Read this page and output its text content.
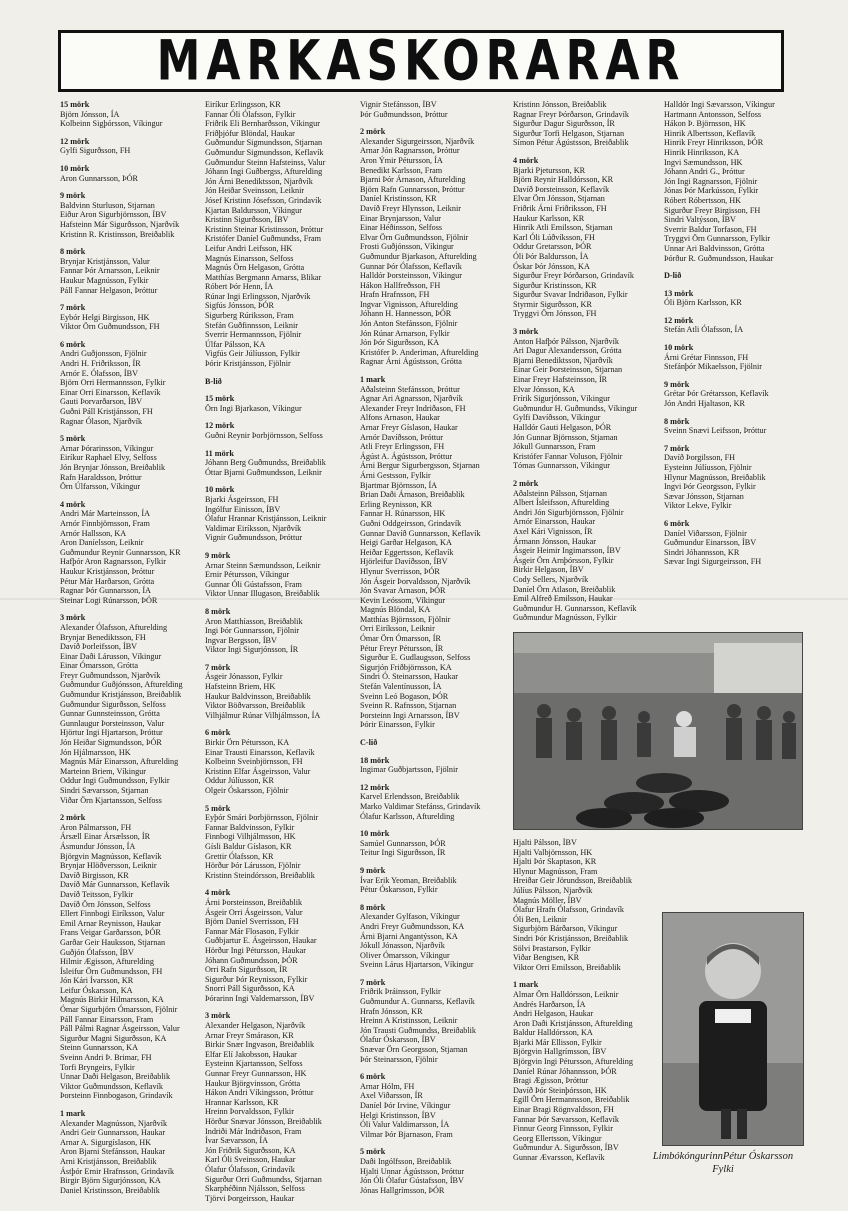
MARKASKORARAR
15 mörk
Björn Jónsson, ÍA
Kolbeinn Sigþórsson, Víkingur
12 mörk
Gylfi Sigurðsson, FH
10 mörk
Aron Gunnarsson, ÞÓR
9 mörk
Baldvinn Sturluson, Stjarnan
Eiður Aron Sigurbjörnsson, ÍBV
Hafsteinn Már Sigurðsson, Njarðvík
Kristinn R. Kristinsson, Breiðablik
8 mörk
Brynjar Kristjánsson, Valur
Fannar Þór Arnarsson, Leiknir
Haukur Magnússon, Fylkir
Páll Fannar Helgason, Þróttur
7 mörk
Eybór Helgi Birgisson, HK
Viktor Örn Guðmundsson, FH
6 mörk
Andri Guðjonsson, Fjölnir
Andri H. Friðriksson, ÍR
Arnór E. Ólafsson, ÍBV
Björn Orri Hermannsson, Fylkir
Einar Orri Einarsson, Keflavík
Gauti Þorvarðarson, ÍBV
Guðni Páll Kristjánsson, FH
Ragnar Ólason, Njarðvík
5 mörk
Arnar Þórarinsson, Víkingur
Eiríkur Raphael Elvy, Selfoss
Jón Brynjar Jónsson, Breiðablik
Rafn Haraldsson, Þróttur
Örn Úlfarsson, Víkingur
4 mörk
Andri Már Marteinsson, ÍA
Arnór Finnbjörnsson, Fram
Arnór Hallsson, KA
Aron Daníelsson, Leiknir
Guðmundur Reynir Gunnarsson, KR
Hafþór Aron Ragnarsson, Fylkir
Haukur Kristjánsson, Þróttur
Pétur Már Harðarson, Grótta
Ragnar Þór Gunnarsson, ÍA
Steinar Logi Rúnarsson, ÞÓR
3 mörk
Alexander Ólafsson, Afturelding
Brynjar Benediktsson, FH
Davíð Þorleifsson, ÍBV
Einar Daði Lárusson, Víkingur
Einar Ómarsson, Grótta
Freyr Guðmundsson, Njarðvík
Guðmundur Guðjónsson, Afturelding
Guðmundur Kristjánsson, Breiðablik
Guðmundur Sigurðsson, Selfoss
Gunnar Gunnsteinsson, Grótta
Gunnlaugur Þorsteinsson, Valur
Hjörtur Ingi Hjartarson, Þróttur
Jón Heiðar Sigmundsson, ÞÓR
Jón Hjálmarsson, HK
Magnús Már Einarsson, Afturelding
Marteinn Briem, Víkingur
Oddur Ingi Guðmundsson, Fylkir
Sindri Sævarsson, Stjarnan
Viðar Örn Kjartansson, Selfoss
2 mörk
Aron Pálmarsson, FH
Ársæll Einar Ársælsson, ÍR
Ásmundur Jónsson, ÍA
Björgvin Magnússon, Keflavík
Brynjar Hlöðversson, Leiknir
Davíð Birgisson, KR
Davíð Már Gunnarsson, Keflavík
Davíð Teitsson, Fylkir
Davíð Örn Jónsson, Selfoss
Ellert Finnbogi Eiríksson, Valur
Emil Arnar Reynisson, Haukar
Frans Veigar Garðarsson, ÞÓR
Garðar Geir Hauksson, Stjarnan
Guðjón Ólafsson, ÍBV
Hilmir Ægisson, Afturelding
Ísleifur Örn Guðmundsson, FH
Jón Kári Ívarsson, KR
Leifur Óskarsson, KA
Magnús Birkir Hilmarsson, KA
Ómar Sigurbjörn Ómarsson, Fjölnir
Páll Fannar Einarsson, Fram
Páll Pálmi Ragnar Ásgeirsson, Valur
Sigurður Magni Sigurðsson, KA
Steinn Gunnarsson, KA
Sveinn Andri Þ. Brimar, FH
Torfi Bryngeirs, Fylkir
Unnar Daði Helgason, Breiðablik
Viktor Guðmundsson, Keflavík
Þorsteinn Finnbogason, Grindavík
1 mark
Alexander Magnússon, Njarðvík
Andri Geir Gunnarsson, Haukar
Arnar A. Sigurgíslason, HK
Aron Bjarni Stefánsson, Haukar
Arni Kristjánsson, Breiðablik
Ástþór Ernir Hrafnsson, Grindavík
Birgir Björn Sigurjónsson, KA
Daniel Kristinsson, Breiðablik
Eiríkur Erlingsson, KR
Fannar Óli Ólafsson, Fylkir
Friðrik Eli Bernharðsson, Víkingur
Friðþjófur Blöndal, Haukar
Guðmundur Sigmundsson, Stjarnan
Guðmundur Sigmundsson, Keflavík
Guðmundur Steinn Hafsteinss, Valur
Jóhann Ingi Guðbergss, Afturelding
Jón Árni Benediktsson, Njarðvík
Jón Heiðar Sveinsson, Leiknir
Jósef Kristinn Jósefsson, Grindavík
Kjartan Baldursson, Víkingur
Kristinn Sigurðsson, ÍBV
Kristinn Steinar Kristinsson, Þróttur
Kristófer Daníel Guðmundss, Fram
Leifur Andri Leifsson, HK
Magnús Einarsson, Selfoss
Magnús Örn Helgason, Grótta
Matthías Bergmann Arnarss, Blikar
Róbert Þór Henn, ÍA
Rúnar Ingi Erlingsson, Njarðvík
Sigfús Jónsson, ÞÓR
Sigurberg Rúriksson, Fram
Stefán Guðfinnsson, Leiknir
Sverrir Hermannsson, Fjölnir
Úlfar Pálsson, KA
Vigfús Geir Júlíusson, Fylkir
Þórir Kristjánsson, Fjölnir
B-lið
15 mörk
Örn Ingi Bjarkason, Víkingur
12 mörk
Guðni Reynir Þorbjörnsson, Selfoss
11 mörk
Jóhann Berg Guðmundss, Breiðablik
Óttar Bjarni Guðmundsson, Leiknir
10 mörk
Bjarki Ásgeirsson, FH
Ingólfur Einisson, ÍBV
Ólafur Hrannar Kristjánsson, Leiknir
Valdimar Eiríksson, Njarðvík
Vignir Guðmundsson, Þróttur
9 mörk
Arnar Steinn Sæmundsson, Leiknir
Ernir Pétursson, Víkingur
Gunnar Óli Gústafsson, Fram
Viktor Unnar Illugason, Breiðablik
8 mörk
Aron Matthíasson, Breiðablik
Ingi Þór Gunnarsson, Fjölnir
Ingvar Bergsson, ÍBV
Viktor Ingi Sigurjónsson, ÍR
7 mörk
Ásgeir Jónasson, Fylkir
Hafsteinn Briem, HK
Haukur Baldvinsson, Breiðablik
Viktor Böðvarsson, Breiðablik
Vilhjálmur Rúnar Vilhjálmsson, ÍA
6 mörk
Birkir Örn Pétursson, KA
Einar Trausti Einarsson, Keflavík
Kolbeinn Sveinbjörnsson, FH
Kristinn Elfar Ásgeirsson, Valur
Oddur Júlíusson, KR
Olgeir Óskarsson, Fjölnir
5 mörk
Eyþór Smári Þorbjörnsson, Fjölnir
Fannar Baldvinsson, Fylkir
Finnbogi Vilhjálmsson, HK
Gísli Baldur Gíslason, KR
Grettir Ólafsson, KR
Hörður Þór Lárusson, Fjölnir
Kristinn Steindórsson, Breiðablik
4 mörk
Árni Þorsteinsson, Breiðablik
Ásgeir Orri Ásgeirsson, Valur
Björn Daníel Sverrisson, FH
Fannar Már Flosason, Fylkir
Guðbjartur E. Ásgeirsson, Haukar
Hörður Ingi Pétursson, Haukar
Jóhann Guðmundsson, ÞÓR
Orri Rafn Sigurðsson, ÍR
Sigurður Þór Reynisson, Fylkir
Snorri Páll Sigurðsson, KA
Þórarinn Ingi Valdemarsson, ÍBV
3 mörk
Alexander Helgason, Njarðvík
Arnar Freyr Smárason, KR
Birkir Snær Ingvason, Breiðablik
Elfar Elí Jakobsson, Haukar
Eysteinn Kjartansson, Selfoss
Gunnar Freyr Gunnarsson, HK
Haukur Björgvinsson, Grótta
Hákon Andri Víkingsson, Þróttur
Hrannar Karlsson, KR
Hreinn Þorvaldsson, Fylkir
Hörður Snævar Jónsson, Breiðablik
Indriði Már Indriðason, Fram
Ívar Sævarsson, ÍA
Jón Friðrik Sigurðsson, KA
Karl Óli Sveinsson, Haukar
Ólafur Ólafsson, Grindavík
Sigurður Orri Guðmundss, Stjarnan
Skarphéðinn Njálsson, Selfoss
Tjörvi Þorgeirsson, Haukar
Vignir Stefánsson, ÍBV
Þór Guðmundsson, Þróttur
2 mörk
Alexander Sigurgeirsson, Njarðvík
Arnar Jón Ragnarsson, Þróttur
Aron Ýmir Pétursson, ÍA
Benedikt Karlsson, Fram
Bjarni Þór Árnason, Afturelding
Björn Rafn Gunnarsson, Þróttur
Daníel Kristinsson, KR
Davíð Freyr Hlynsson, Leiknir
Einar Brynjarsson, Valur
Einar Héðinsson, Selfoss
Elvar Örn Guðmundsson, Fjölnir
Frosti Guðjónsson, Víkingur
Guðmundur Bjarkason, Afturelding
Gunnar Þór Ólafsson, Keflavík
Halldór Þorsteinsson, Víkingur
Hákon Hallfreðsson, FH
Hrafn Hrafnsson, FH
Ingvar Vignisson, Afturelding
Jóhann H. Hannesson, ÞÓR
Jón Anton Stefánsson, Fjölnir
Jón Rúnar Arnarson, Fylkir
Jón Þór Sigurðsson, KA
Kristófer Þ. Anderiman, Afturelding
Ragnar Árni Ágústsson, Grótta
1 mark
Aðalsteinn Stefánsson, Þróttur
Agnar Ari Agnarsson, Njarðvík
Alexander Freyr Indriðason, FH
Alfons Arnason, Haukar
Arnar Freyr Gíslason, Haukar
Arnór Davíðsson, Þróttur
Atli Freyr Erlingsson, FH
Ágúst A. Ágústsson, Þróttur
Árni Bergur Sigurbergsson, Stjarnan
Árni Gestsson, Fylkir
Bjartmar Björnsson, ÍA
Brian Daði Árnason, Breiðablik
Erling Reynisson, KR
Fannar H. Rúnarsson, HK
Guðni Oddgeirsson, Grindavík
Gunnar Davíð Gunnarsson, Keflavík
Heigi Garðar Helgason, KA
Heiðar Eggertsson, Keflavík
Hjörleifur Davíðsson, ÍBV
Hlynur Sverrisson, ÞÓR
Jón Ásgeir Þorvaldsson, Njarðvík
Jón Svavar Arnason, ÞÓR
Kevin Leóssom, Víkingur
Magnús Blöndal, KA
Matthías Björnsson, Fjölnir
Orri Eiríksson, Leiknir
Ómar Örn Ómarsson, ÍR
Pétur Freyr Pétursson, ÍR
Sigurður E. Gudlaugsson, Selfoss
Sigurjón Friðbjörnsson, KA
Sindri Ó. Steinarsson, Haukar
Stefán Valentínusson, ÍA
Sveinn Leó Bogason, ÞÓR
Sveinn R. Rafnsson, Stjarnan
Þorsteinn Ingi Arnarsson, ÍBV
Þórir Einarsson, Fylkir
C-lið
18 mörk
Ingimar Guðbjartsson, Fjölnir
12 mörk
Karvel Erlendsson, Breiðablik
Marko Valdimar Stefánss, Grindavík
Ólafur Karlsson, Afturelding
10 mörk
Samúel Gunnarsson, ÞÓR
Teitur Ingi Sigurðsson, ÍR
9 mörk
Ívar Erik Yeoman, Breiðablik
Pétur Óskarsson, Fylkir
8 mörk
Alexander Gylfason, Víkingur
Andri Freyr Guðmundsson, KA
Árni Bjarni Angantýsson, KA
Jókull Jónasson, Njarðvík
Oliver Ómarsson, Víkingur
Sveinn Lárus Hjartarson, Víkingur
7 mörk
Friðrik Þráinsson, Fylkir
Guðmundur A. Gunnarss, Keflavík
Hrafn Jónsson, KR
Hreinn A Kristinsson, Leiknir
Jón Trausti Guðmundss, Breiðablik
Ólafur Óskarsson, ÍBV
Snævar Örn Georgsson, Stjarnan
Þór Steinarsson, Fjölnir
6 mörk
Arnar Hólm, FH
Axel Viðarsson, ÍR
Daníel Þór Irvine, Víkingur
Helgi Kristinsson, ÍBV
Óli Valur Valdimarsson, ÍA
Vilmar Þór Bjarnason, Fram
5 mörk
Daði Ingólfsson, Breiðablik
Hjalti Unnar Ágústsson, Þróttur
Jón Óli Ólafur Gústafsson, ÍBV
Jónas Hallgrímsson, ÞÓR
Kristinn Jónsson, Breiðablik
Ragnar Freyr Þórðarson, Grindavík
Sigurður Dagur Sigurðsson, ÍR
Sigurður Torfi Helgason, Stjarnan
Símon Pétur Ágústsson, Breiðablik
4 mörk
Bjarki Pjetursson, KR
Björn Reynir Halldórsson, KR
Davíð Þorsteinsson, Keflavík
Elvar Örn Jónsson, Stjarnan
Friðrik Árni Friðriksson, FH
Haukur Karlsson, KR
Hinrik Atli Emilsson, Stjarnan
Karl Óli Lúðvíksson, FH
Oddur Gretarsson, ÞÓR
Óli Þór Baldursson, ÍA
Óskar Þór Jónsson, KA
Sigurður Freyr Þórðarson, Grindavík
Sigurður Kristinsson, KR
Sigurður Svavar Indriðason, Fylkir
Styrmir Sigurðsson, KR
Tryggvi Örn Jónsson, FH
3 mörk
Anton Hafþór Pálsson, Njarðvík
Ari Dagur Alexandersson, Grótta
Bjarni Benediktsson, Njarðvík
Einar Geir Þorsteinsson, Stjarnan
Einar Freyr Hafsteinsson, ÍR
Elvar Jónsson, KA
Frírik Sigurjónsson, Víkingur
Guðmundur H. Guðmundss, Víkingur
Gylfi Davíðsson, Víkingur
Halldór Gauti Helgason, ÞÓR
Jón Gunnar Björnsson, Stjarnan
Jókull Gunnarsson, Fram
Kristófer Fannar Voluson, Fjölnir
Tómas Gunnarsson, Víkingur
2 mörk
Aðalsteinn Pálsson, Stjarnan
Albert Ísleifsson, Afturelding
Andri Jón Sigurbjörnsson, Fjölnir
Arnór Einarsson, Haukar
Axel Kári Vignisson, ÍR
Ármann Jónsson, Haukar
Ásgeir Heimir Ingimarsson, ÍBV
Ásgeir Örn Arnþórsson, Fylkir
Birkir Helgason, ÍBV
Cody Sellers, Njarðvík
Daníel Örn Atlason, Breiðablik
Emil Alfreð Emilsson, Haukar
Guðmundur H. Gunnarsson, Keflavík
Guðmundur Magnússon, Fylkir
Halldór Ingi Sævarsson, Víkingur
Hartmann Antonsson, Selfoss
Hákon Þ. Björnsson, HK
Hinrik Albertsson, Keflavík
Hinrik Freyr Hinriksson, ÞÓR
Hinrik Hinriksson, KA
Ingvi Sæmundsson, HK
Jóhann Andri G., Þróttur
Jón Ingi Ragnarsson, Fjölnir
Jónas Þór Markússon, Fylkir
Róbert Róbertsson, HK
Sigurður Freyr Birgisson, FH
Sindri Valtýsson, ÍBV
Sverrir Baldur Torfason, FH
Tryggvi Örn Gunnarsson, Fylkir
Unnar Ari Baldvinsson, Grótta
Þórður R. Guðmundsson, Haukar
D-lið
13 mörk
Óli Björn Karlsson, KR
12 mörk
Stefán Atli Ólafsson, ÍA
10 mörk
Árni Grétar Finnsson, FH
Stefánþór Mikaelsson, Fjölnir
9 mörk
Grétar Þór Grétarsson, Keflavík
Jón Andri Hjaltason, KR
8 mörk
Sveinn Snævi Leifsson, Þróttur
7 mörk
Davíð Þorgilsson, FH
Eysteinn Júlíusson, Fjölnir
Hlynur Magnússon, Breiðablik
Ingvi Þór Georgsson, Fylkir
Sævar Jónsson, Stjarnan
Viktor Lekve, Fylkir
6 mörk
Daníel Viðarsson, Fjölnir
Guðmundur Einarsson, ÍBV
Sindri Jóhannsson, KR
Sævar Ingi Sigurgeirsson, FH
Hjalti Pálsson, ÍBV
Hjalti Valbjörnsson, HK
Hjalti Þór Skaptason, KR
Hlynur Magnússon, Fram
Hreiðar Geir Jörundsson, Breiðablik
Júlíus Pálsson, Njarðvík
Magnús Möller, ÍBV
Ólafur Hrafn Ólafsson, Grindavík
Óli Ben, Leiknir
Sigurbjörn Bárðarson, Víkingur
Sindri Þór Kristjánsson, Breiðablik
Sölvi Þrastarson, Fylkir
Viðar Bengtsen, KR
Viktor Orri Emilsson, Breiðablik
1 mark
Almar Örn Halldórsson, Leiknir
Andrés Harðarson, ÍA
Andri Helgason, Haukar
Aron Daði Kristjánsson, Afturelding
Baldur Halldórsson, KA
Bjarki Már Ellisson, Fylkir
Björgvin Hallgrímsson, ÍBV
Björgvin Ingi Pétursson, Afturelding
Daníel Rúnar Jóhannsson, ÞÓR
Bragi Ægisson, Þróttur
Davíð Þór Steinþórsson, HK
Egill Örn Hermannsson, Breiðablik
Einar Bragi Rögnvaldsson, FH
Fannar Þór Sævarsson, Keflavík
Finnur Georg Finnsson, Fylkir
Georg Ellertsson, Víkingur
Guðmundur A. Sigurðsson, ÍBV
Gunnar Ævarsson, Keflavík	LimbókóngurinnPétur Óskarsson Fylki
